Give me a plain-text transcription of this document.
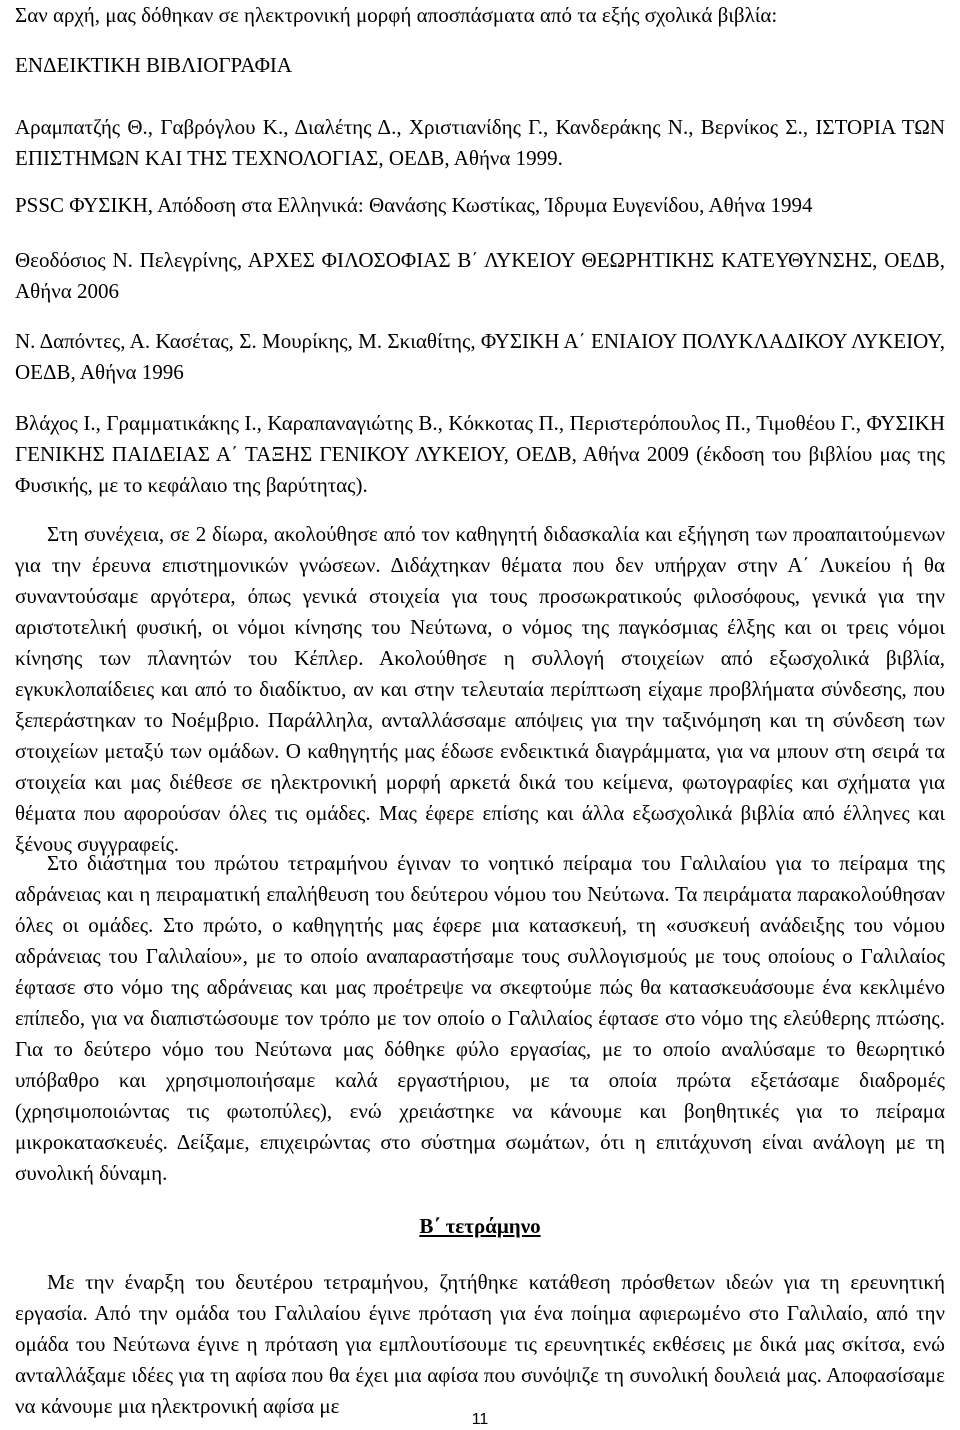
Σαν αρχή, μας δόθηκαν σε ηλεκτρονική μορφή αποσπάσματα από τα εξής σχολικά βιβλία:

ΕΝΔΕΙΚΤΙΚΗ ΒΙΒΛΙΟΓΡΑΦΙΑ

Αραμπατζής Θ., Γαβρόγλου Κ., Διαλέτης Δ., Χριστιανίδης Γ., Κανδεράκης Ν., Βερνίκος Σ., ΙΣΤΟΡΙΑ ΤΩΝ ΕΠΙΣΤΗΜΩΝ ΚΑΙ ΤΗΣ ΤΕΧΝΟΛΟΓΙΑΣ, ΟΕΔΒ, Αθήνα 1999.

PSSC ΦΥΣΙΚΗ, Απόδοση στα Ελληνικά: Θανάσης Κωστίκας, Ίδρυμα Ευγενίδου, Αθήνα 1994

Θεοδόσιος Ν. Πελεγρίνης, ΑΡΧΕΣ ΦΙΛΟΣΟΦΙΑΣ Β΄ ΛΥΚΕΙΟΥ ΘΕΩΡΗΤΙΚΗΣ ΚΑΤΕΥΘΥΝΣΗΣ, ΟΕΔΒ, Αθήνα 2006

Ν. Δαπόντες, Α. Κασέτας, Σ. Μουρίκης, Μ. Σκιαθίτης, ΦΥΣΙΚΗ Α΄ ΕΝΙΑΙΟΥ ΠΟΛΥΚΛΑΔΙΚΟΥ ΛΥΚΕΙΟΥ, ΟΕΔΒ, Αθήνα 1996

Βλάχος Ι., Γραμματικάκης Ι., Καραπαναγιώτης Β., Κόκκοτας Π., Περιστερόπουλος Π., Τιμοθέου Γ., ΦΥΣΙΚΗ ΓΕΝΙΚΗΣ ΠΑΙΔΕΙΑΣ Α΄ ΤΑΞΗΣ ΓΕΝΙΚΟΥ ΛΥΚΕΙΟΥ, ΟΕΔΒ, Αθήνα 2009 (έκδοση του βιβλίου μας της Φυσικής, με το κεφάλαιο της βαρύτητας).

Στη συνέχεια, σε 2 δίωρα, ακολούθησε από τον καθηγητή διδασκαλία και εξήγηση των προαπαιτούμενων για την έρευνα επιστημονικών γνώσεων. Διδάχτηκαν θέματα που δεν υπήρχαν στην Α΄ Λυκείου ή θα συναντούσαμε αργότερα, όπως γενικά στοιχεία για τους προσωκρατικούς φιλοσόφους, γενικά για την αριστοτελική φυσική, οι νόμοι κίνησης του Νεύτωνα, ο νόμος της παγκόσμιας έλξης και οι τρεις νόμοι κίνησης των πλανητών του Κέπλερ. Ακολούθησε η συλλογή στοιχείων από εξωσχολικά βιβλία, εγκυκλοπαίδειες και από το διαδίκτυο, αν και στην τελευταία περίπτωση είχαμε προβλήματα σύνδεσης, που ξεπεράστηκαν το Νοέμβριο. Παράλληλα, ανταλλάσσαμε απόψεις για την ταξινόμηση και τη σύνδεση των στοιχείων μεταξύ των ομάδων. Ο καθηγητής μας έδωσε ενδεικτικά διαγράμματα, για να μπουν στη σειρά τα στοιχεία και μας διέθεσε σε ηλεκτρονική μορφή αρκετά δικά του κείμενα, φωτογραφίες και σχήματα για θέματα που αφορούσαν όλες τις ομάδες. Μας έφερε επίσης και άλλα εξωσχολικά βιβλία από έλληνες και ξένους συγγραφείς.

Στο διάστημα του πρώτου τετραμήνου έγιναν το νοητικό πείραμα του Γαλιλαίου για το πείραμα της αδράνειας και η πειραματική επαλήθευση του δεύτερου νόμου του Νεύτωνα. Τα πειράματα παρακολούθησαν όλες οι ομάδες. Στο πρώτο, ο καθηγητής μας έφερε μια κατασκευή, τη «συσκευή ανάδειξης του νόμου αδράνειας του Γαλιλαίου», με το οποίο αναπαραστήσαμε τους συλλογισμούς με τους οποίους ο Γαλιλαίος έφτασε στο νόμο της αδράνειας και μας προέτρεψε να σκεφτούμε πώς θα κατασκευάσουμε ένα κεκλιμένο επίπεδο, για να διαπιστώσουμε τον τρόπο με τον οποίο ο Γαλιλαίος έφτασε στο νόμο της ελεύθερης πτώσης. Για το δεύτερο νόμο του Νεύτωνα μας δόθηκε φύλο εργασίας, με το οποίο αναλύσαμε το θεωρητικό υπόβαθρο και χρησιμοποιήσαμε καλά εργαστήριου, με τα οποία πρώτα εξετάσαμε διαδρομές (χρησιμοποιώντας τις φωτοπύλες), ενώ χρειάστηκε να κάνουμε και βοηθητικές για το πείραμα μικροκατασκευές. Δείξαμε, επιχειρώντας στο σύστημα σωμάτων, ότι η επιτάχυνση είναι ανάλογη με τη συνολική δύναμη.

Β΄ τετράμηνο

Με την έναρξη του δευτέρου τετραμήνου, ζητήθηκε κατάθεση πρόσθετων ιδεών για τη ερευνητική εργασία. Από την ομάδα του Γαλιλαίου έγινε πρόταση για ένα ποίημα αφιερωμένο στο Γαλιλαίο, από την ομάδα του Νεύτωνα έγινε η πρόταση για εμπλουτίσουμε τις ερευνητικές εκθέσεις με δικά μας σκίτσα, ενώ ανταλλάξαμε ιδέες για τη αφίσα που θα έχει μια αφίσα που συνόψιζε τη συνολική δουλειά μας. Αποφασίσαμε να κάνουμε μια ηλεκτρονική αφίσα με

11
